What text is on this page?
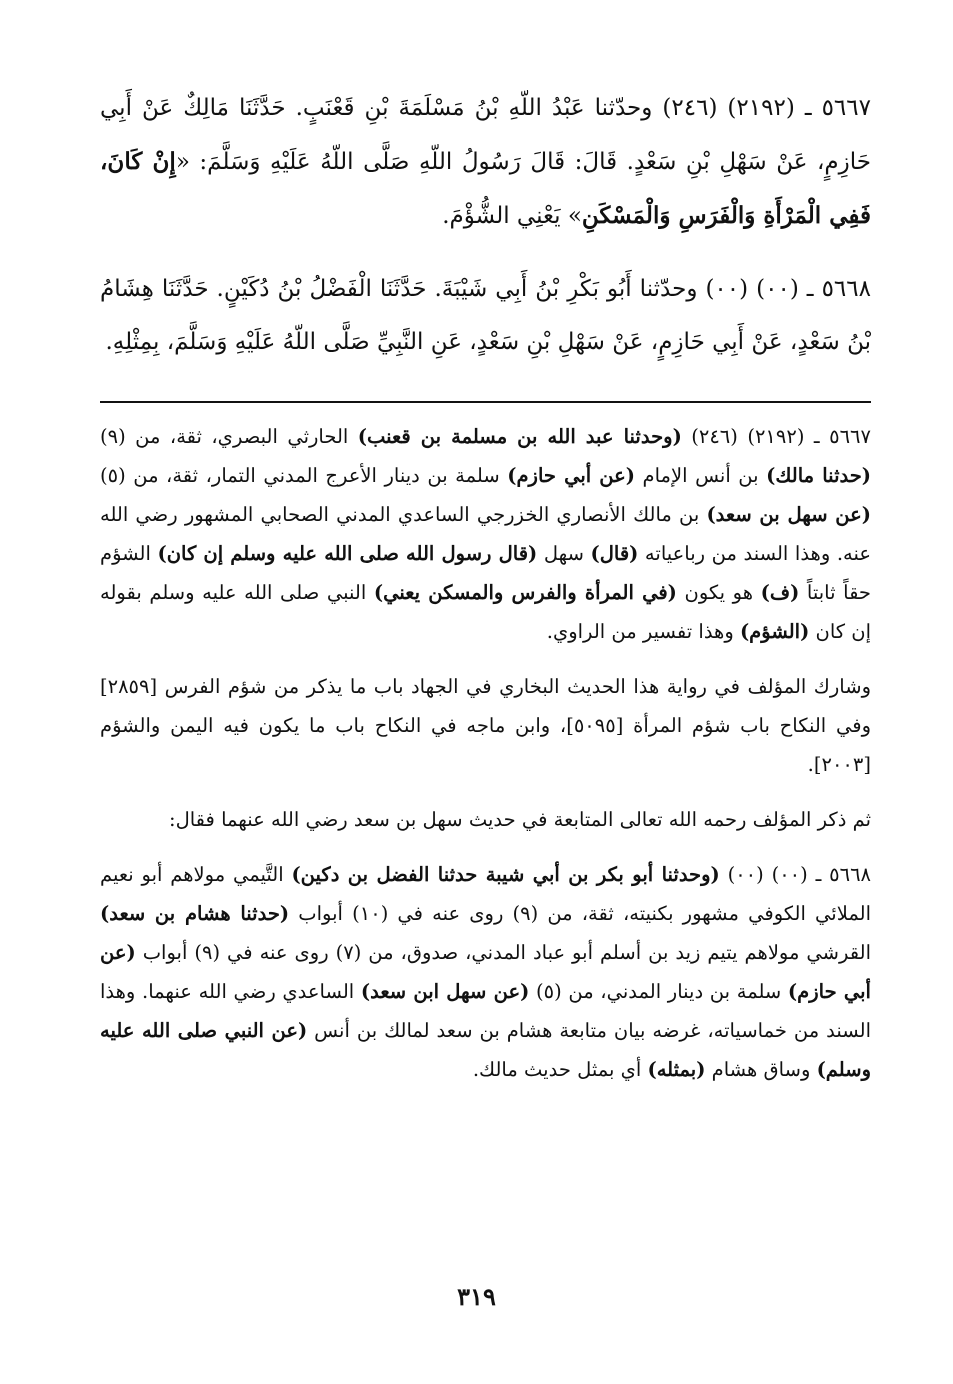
٥٦٦٧ ـ (٢١٩٢) (٢٤٦) وحدّثنا عَبْدُ اللّهِ بْنُ مَسْلَمَةَ بْنِ قَعْنَبٍ. حَدَّثَنَا مَالِكٌ عَنْ أَبِي حَازِمٍ، عَنْ سَهْلِ بْنِ سَعْدٍ. قَالَ: قَالَ رَسُولُ اللّهِ صَلَّى اللّهُ عَلَيْهِ وَسَلَّمَ: «إِنْ كَانَ، فَفِي الْمَرْأَةِ وَالْفَرَسِ وَالْمَسْكَنِ» يَعْنِي الشُّؤْمَ.

٥٦٦٨ ـ (٠٠) (٠٠) وحدّثنا أَبُو بَكْرِ بْنُ أَبِي شَيْبَةَ. حَدَّثَنَا الْفَضْلُ بْنُ دُكَيْنٍ. حَدَّثَنَا هِشَامُ بْنُ سَعْدٍ، عَنْ أَبِي حَازِمٍ، عَنْ سَهْلِ بْنِ سَعْدٍ، عَنِ النَّبِيِّ صَلَّى اللّهُ عَلَيْهِ وَسَلَّمَ، بِمِثْلِهِ.

٥٦٦٧ ـ (٢١٩٢) (٢٤٦) (وحدثنا عبد الله بن مسلمة بن قعنب) الحارثي البصري، ثقة، من (٩) (حدثنا مالك) بن أنس الإمام (عن أبي حازم) سلمة بن دينار الأعرج المدني التمار، ثقة، من (٥) (عن سهل بن سعد) بن مالك الأنصاري الخزرجي الساعدي المدني الصحابي المشهور رضي الله عنه. وهذا السند من رباعياته (قال) سهل (قال رسول الله صلى الله عليه وسلم إن كان) الشؤم حقاً ثابتاً (ف) هو يكون (في المرأة والفرس والمسكن يعني) النبي صلى الله عليه وسلم بقوله إن كان (الشؤم) وهذا تفسير من الراوي.

وشارك المؤلف في رواية هذا الحديث البخاري في الجهاد باب ما يذكر من شؤم الفرس [٢٨٥٩] وفي النكاح باب شؤم المرأة [٥٠٩٥]، وابن ماجه في النكاح باب ما يكون فيه اليمن والشؤم [٢٠٠٣].

ثم ذكر المؤلف رحمه الله تعالى المتابعة في حديث سهل بن سعد رضي الله عنهما فقال:

٥٦٦٨ ـ (٠٠) (٠٠) (وحدثنا أبو بكر بن أبي شيبة حدثنا الفضل بن دكين) التَّيمي مولاهم أبو نعيم الملائي الكوفي مشهور بكنيته، ثقة، من (٩) روى عنه في (١٠) أبواب (حدثنا هشام بن سعد) القرشي مولاهم يتيم زيد بن أسلم أبو عباد المدني، صدوق، من (٧) روى عنه في (٩) أبواب (عن أبي حازم) سلمة بن دينار المدني، من (٥) (عن سهل ابن سعد) الساعدي رضي الله عنهما. وهذا السند من خماسياته، غرضه بيان متابعة هشام بن سعد لمالك بن أنس (عن النبي صلى الله عليه وسلم) وساق هشام (بمثله) أي بمثل حديث مالك.

٣١٩
